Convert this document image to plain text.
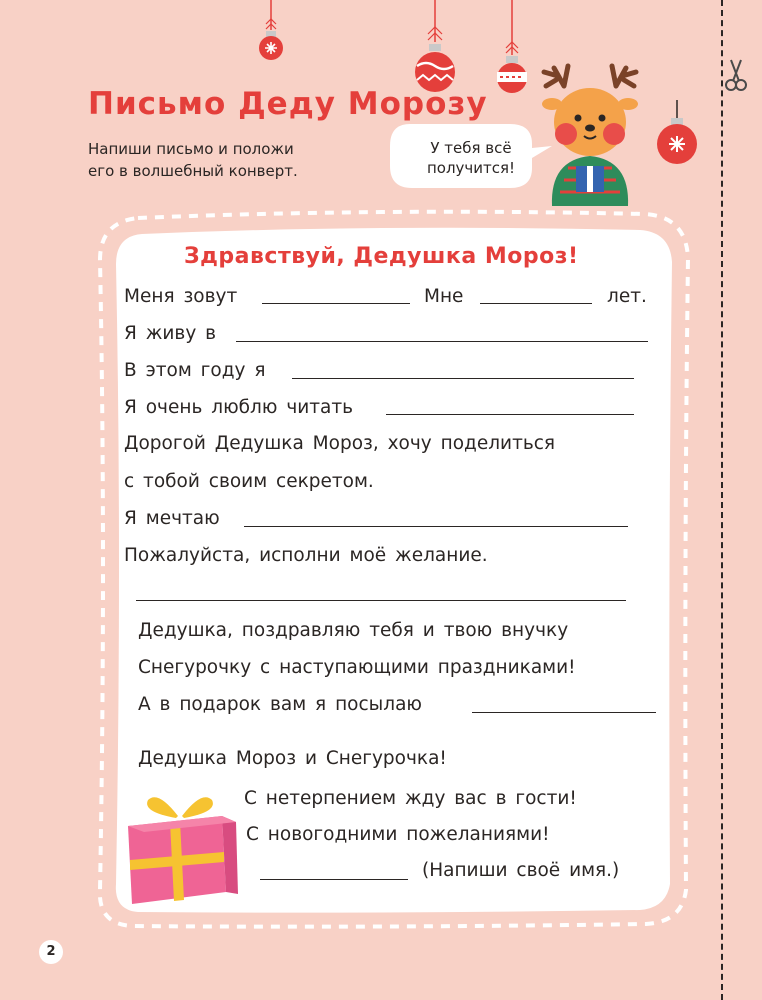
Письмо Деду Морозу
Напиши письмо и положи
его в волшебный конверт.
У тебя всё
получится!
Здравствуй, Дедушка Мороз!
Меня зовут	Мне	лет.
Я живу в
В этом году я
Я очень люблю читать
Дорогой Дедушка Мороз, хочу поделиться
с тобой своим секретом.
Я мечтаю
Пожалуйста, исполни моё желание.
Дедушка, поздравляю тебя и твою внучку
Снегурочку с наступающими праздниками!
А в подарок вам я посылаю
Дедушка Мороз и Снегурочка!
С нетерпением жду вас в гости!
С новогодними пожеланиями!
(Напиши своё имя.)
2
